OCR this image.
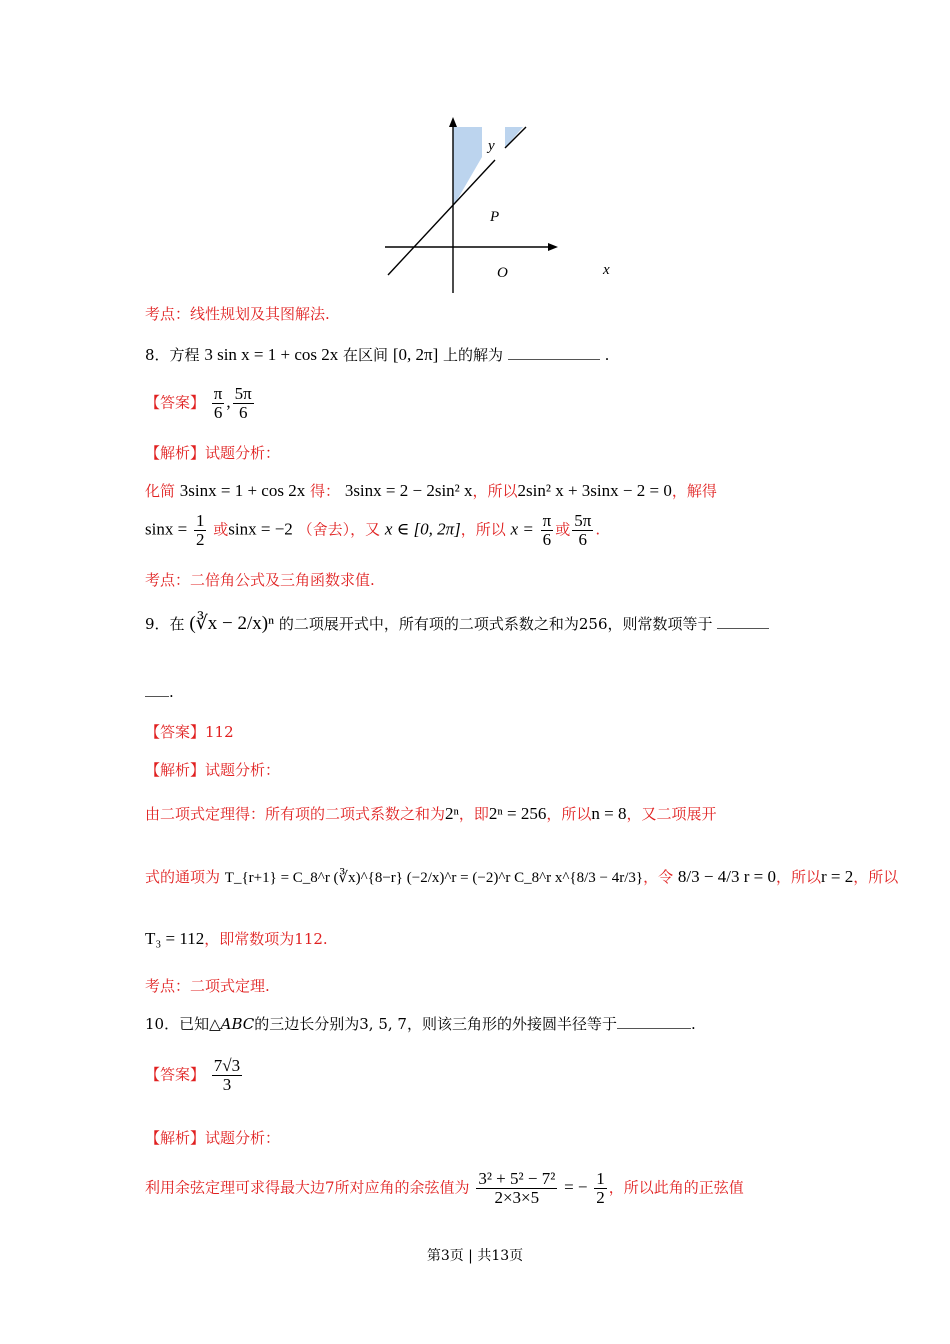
y
P
O	x
考点：线性规划及其图解法.
8．方程 3 sin x = 1 + cos 2x 在区间 [0, 2π] 上的解为	.
【答案】 $\frac{\pi}{6}$ , $\frac{5\pi}{6}$
【解析】试题分析：
化简 3sinx = 1 + cos 2x 得： 3sinx = 2 − 2sin² x，所以2sin² x + 3sinx − 2 = 0，解得
$\sin x = \frac{1}{2}$ 或sinx = −2 （舍去），又 x ∈ [0, 2π]，所以 $x = \frac{\pi}{6}$ 或 $\frac{5\pi}{6}$ .
考点：二倍角公式及三角函数求值.
9．在 (∛x − 2/x)ⁿ 的二项展开式中，所有项的二项式系数之和为256，则常数项等于
.
【答案】112
【解析】试题分析：
由二项式定理得：所有项的二项式系数之和为2ⁿ，即2ⁿ = 256，所以n = 8，又二项展开
式的通项为 T_{r+1} = C_8^r (∛x)^{8−r} (−2/x)^r = (−2)^r C_8^r x^{8/3 − 4r/3}，令 8/3 − 4/3 r = 0，所以r = 2，所以
T₃ = 112，即常数项为112.
考点：二项式定理.
10．已知△ABC的三边长分别为3, 5, 7，则该三角形的外接圆半径等于	.
【答案】 $\frac{7√3}{3}$
【解析】试题分析：
利用余弦定理可求得最大边7所对应角的余弦值为 $\frac{\text{3² + 5² − 7²}}{2\times 3\times 5}$ = − $\frac{1}{2}$ ，所以此角的正弦值
第3页 | 共13页
